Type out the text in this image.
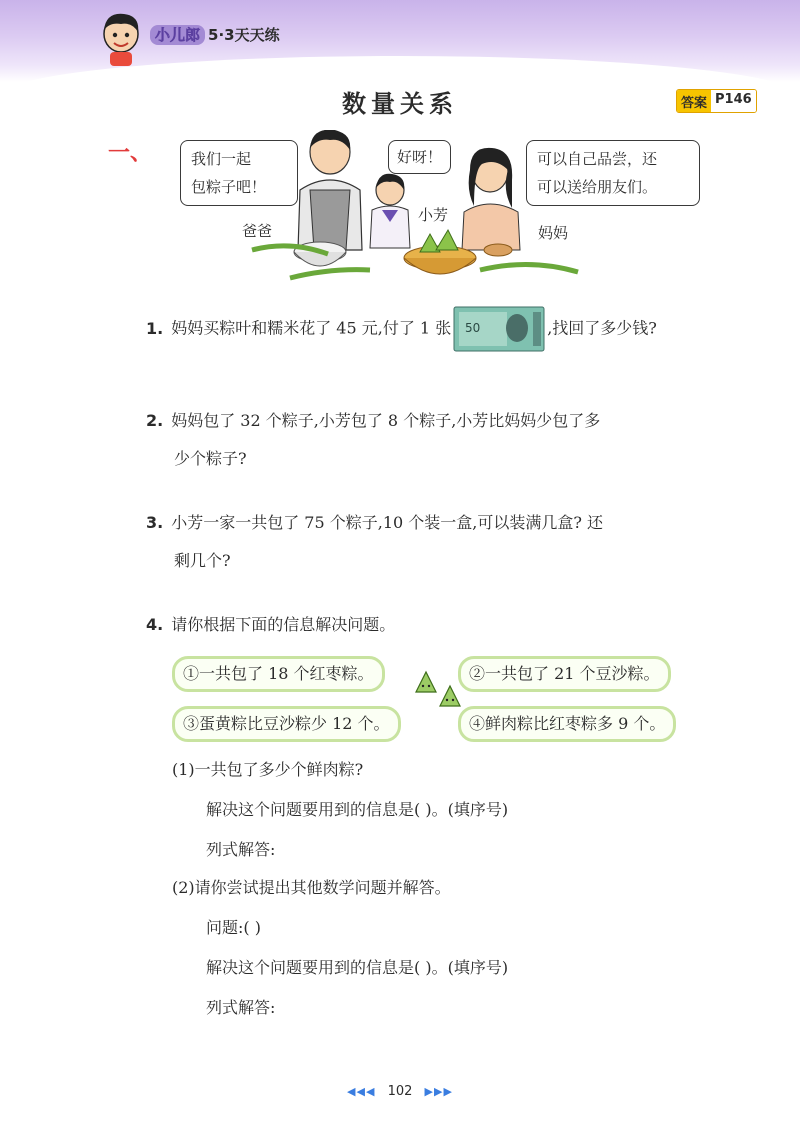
小儿郎 5·3天天练
数量关系	答案 P146
一、	我们一起
包粽子吧！
好呀！	可以自己品尝，还
可以送给朋友们。
爸爸
小芳
妈妈
1. 妈妈买粽叶和糯米花了 45 元,付了 1 张 50	,找回了多少钱?
2. 妈妈包了 32 个粽子,小芳包了 8 个粽子,小芳比妈妈少包了多
少个粽子?
3. 小芳一家一共包了 75 个粽子,10 个装一盒,可以装满几盒? 还
剩几个?
4. 请你根据下面的信息解决问题。
①一共包了 18 个红枣粽。	②一共包了 21 个豆沙粽。
③蛋黄粽比豆沙粽少 12 个。	④鲜肉粽比红枣粽多 9 个。
(1)一共包了多少个鲜肉粽?
解决这个问题要用到的信息是( )。(填序号)
列式解答:
(2)请你尝试提出其他数学问题并解答。
问题:( )
解决这个问题要用到的信息是( )。(填序号)
列式解答:
◀◀◀ 102 ▶▶▶
